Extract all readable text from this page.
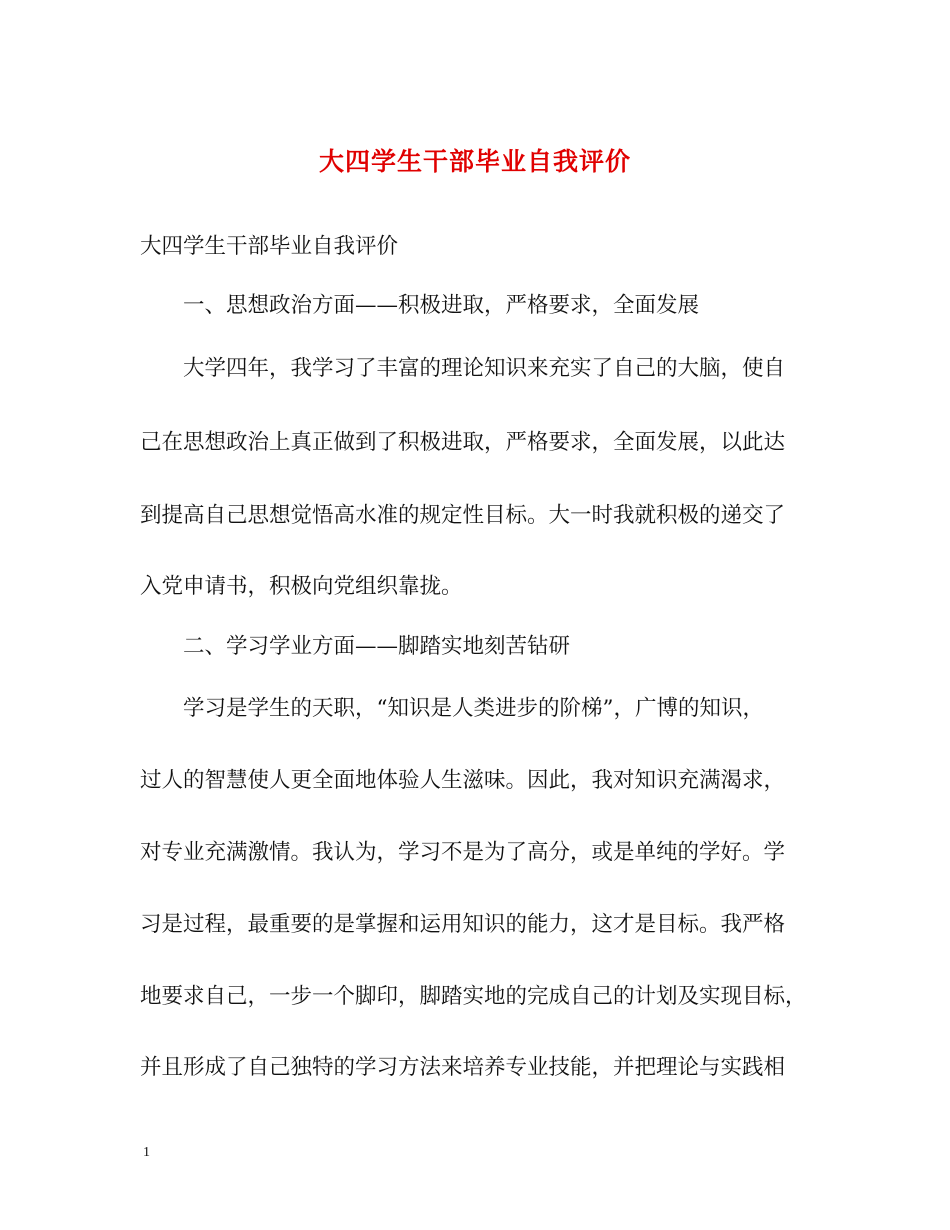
大四学生干部毕业自我评价
大四学生干部毕业自我评价
一、思想政治方面——积极进取，严格要求，全面发展
大学四年，我学习了丰富的理论知识来充实了自己的大脑，使自
己在思想政治上真正做到了积极进取，严格要求，全面发展，以此达
到提高自己思想觉悟高水准的规定性目标。大一时我就积极的递交了
入党申请书，积极向党组织靠拢。
二、学习学业方面——脚踏实地刻苦钻研
学习是学生的天职，“知识是人类进步的阶梯”，广博的知识，
过人的智慧使人更全面地体验人生滋味。因此，我对知识充满渴求，
对专业充满激情。我认为，学习不是为了高分，或是单纯的学好。学
习是过程，最重要的是掌握和运用知识的能力，这才是目标。我严格
地要求自己，一步一个脚印，脚踏实地的完成自己的计划及实现目标，
并且形成了自己独特的学习方法来培养专业技能，并把理论与实践相
1
